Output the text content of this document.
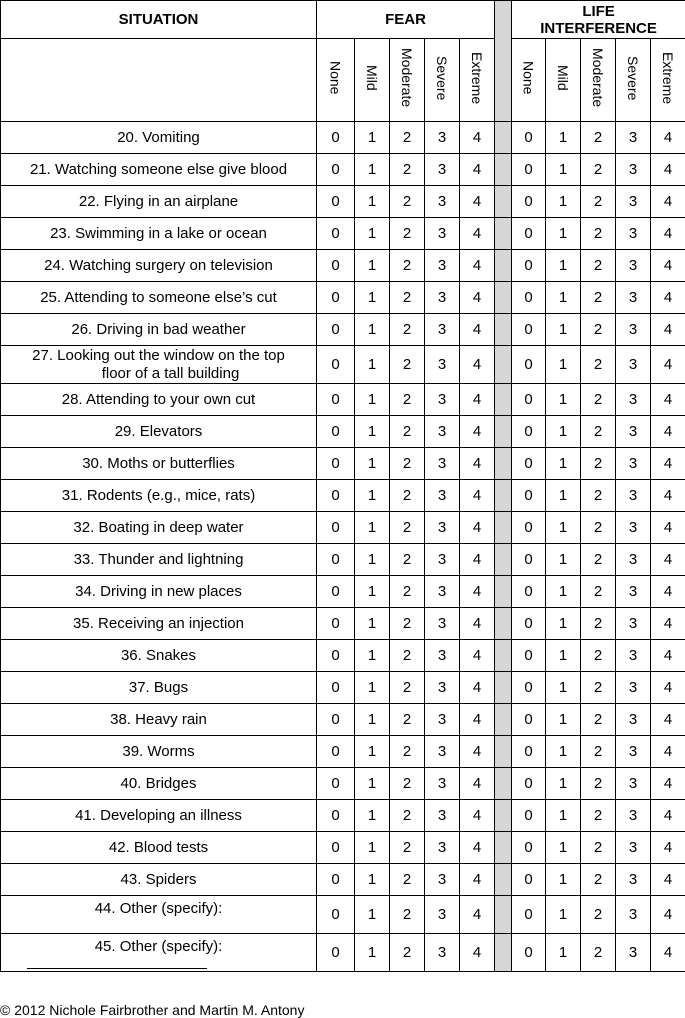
SITUATION	FEAR						LIFE
INTERFERENCE				
	None	Mild	Moderate	Severe	Extreme		None	Mild	Moderate	Severe	Extreme
20. Vomiting	0	1	2	3	4		0	1	2	3	4
21. Watching someone else give blood	0	1	2	3	4		0	1	2	3	4
22. Flying in an airplane	0	1	2	3	4		0	1	2	3	4
23. Swimming in a lake or ocean	0	1	2	3	4		0	1	2	3	4
24. Watching surgery on television	0	1	2	3	4		0	1	2	3	4
25. Attending to someone else’s cut	0	1	2	3	4		0	1	2	3	4
26. Driving in bad weather	0	1	2	3	4		0	1	2	3	4
27. Looking out the window on the top
floor of a tall building	0	1	2	3	4		0	1	2	3	4
28. Attending to your own cut	0	1	2	3	4		0	1	2	3	4
29. Elevators	0	1	2	3	4		0	1	2	3	4
30. Moths or butterflies	0	1	2	3	4		0	1	2	3	4
31. Rodents (e.g., mice, rats)	0	1	2	3	4		0	1	2	3	4
32. Boating in deep water	0	1	2	3	4		0	1	2	3	4
33. Thunder and lightning	0	1	2	3	4		0	1	2	3	4
34. Driving in new places	0	1	2	3	4		0	1	2	3	4
35. Receiving an injection	0	1	2	3	4		0	1	2	3	4
36. Snakes	0	1	2	3	4		0	1	2	3	4
37. Bugs	0	1	2	3	4		0	1	2	3	4
38. Heavy rain	0	1	2	3	4		0	1	2	3	4
39. Worms	0	1	2	3	4		0	1	2	3	4
40. Bridges	0	1	2	3	4		0	1	2	3	4
41. Developing an illness	0	1	2	3	4		0	1	2	3	4
42. Blood tests	0	1	2	3	4		0	1	2	3	4
43. Spiders	0	1	2	3	4		0	1	2	3	4
44. Other (specify):	0	1	2	3	4		0	1	2	3	4
45. Other (specify):	0	1	2	3	4		0	1	2	3	4
© 2012 Nichole Fairbrother and Martin M. Antony
